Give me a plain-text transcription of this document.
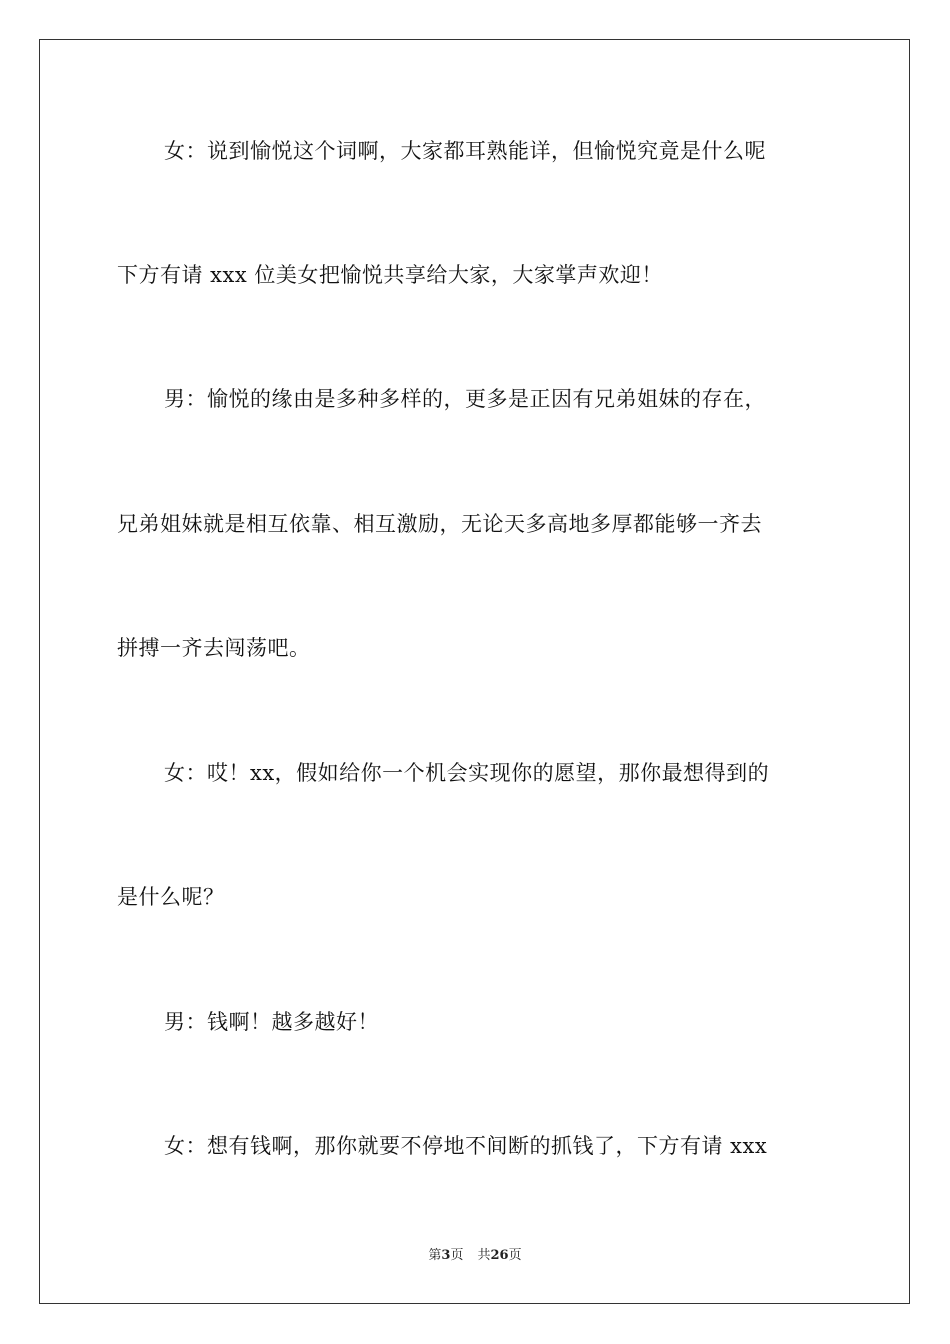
女：说到愉悦这个词啊，大家都耳熟能详，但愉悦究竟是什么呢
下方有请 xxx 位美女把愉悦共享给大家，大家掌声欢迎！
男：愉悦的缘由是多种多样的，更多是正因有兄弟姐妹的存在，
兄弟姐妹就是相互依靠、相互激励，无论天多高地多厚都能够一齐去
拼搏一齐去闯荡吧。
女：哎！xx，假如给你一个机会实现你的愿望，那你最想得到的
是什么呢？
男：钱啊！越多越好！
女：想有钱啊，那你就要不停地不间断的抓钱了，下方有请 xxx
第3页 共26页
